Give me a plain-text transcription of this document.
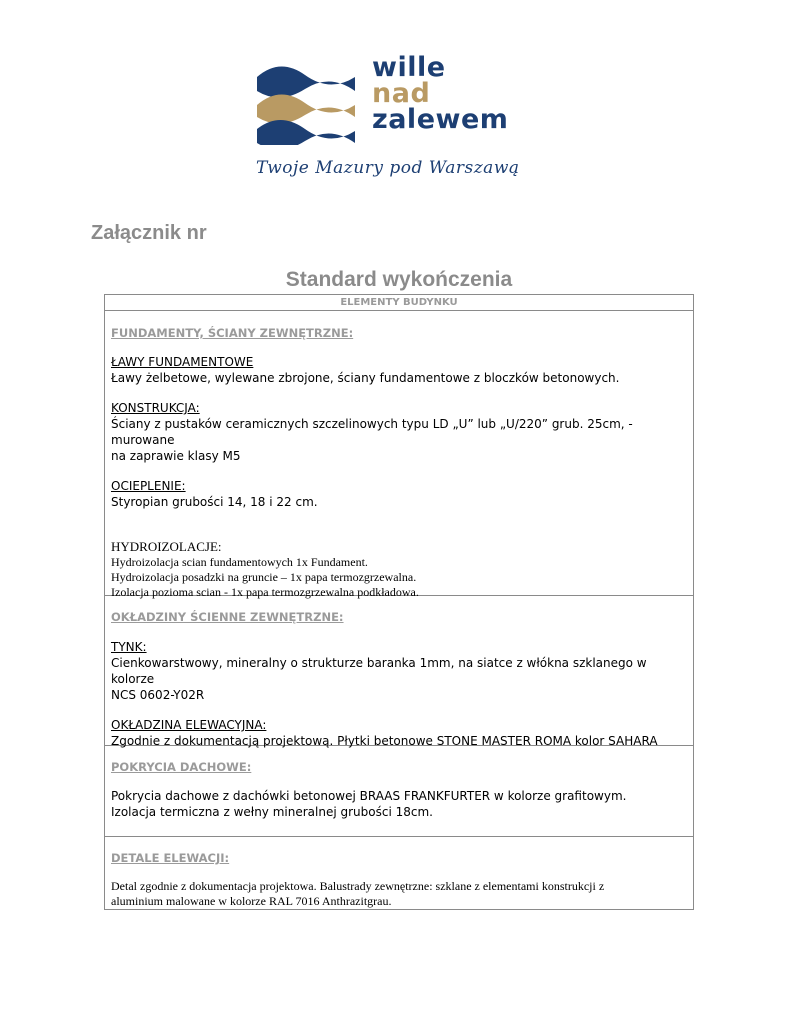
wille
nad
zalewem
Twoje Mazury pod Warszawą
Załącznik nr
Standard wykończenia
ELEMENTY BUDYNKU
FUNDAMENTY, ŚCIANY ZEWNĘTRZNE:
ŁAWY FUNDAMENTOWE
Ławy żelbetowe, wylewane zbrojone, ściany fundamentowe z bloczków betonowych.
KONSTRUKCJA:
Ściany z pustaków ceramicznych szczelinowych typu LD „U” lub „U/220” grub. 25cm, - murowane
na zaprawie klasy M5
OCIEPLENIE:
Styropian grubości 14, 18 i 22 cm.
HYDROIZOLACJE:
Hydroizolacja scian fundamentowych 1x Fundament.
Hydroizolacja posadzki na gruncie – 1x papa termozgrzewalna.
Izolacja pozioma scian - 1x papa termozgrzewalna podkładowa.
OKŁADZINY ŚCIENNE ZEWNĘTRZNE:
TYNK:
Cienkowarstwowy, mineralny o strukturze baranka 1mm, na siatce z włókna szklanego w kolorze
NCS 0602-Y02R
OKŁADZINA ELEWACYJNA:
Zgodnie z dokumentacją projektową. Płytki betonowe STONE MASTER ROMA kolor SAHARA
POKRYCIA DACHOWE:
Pokrycia dachowe z dachówki betonowej BRAAS FRANKFURTER w kolorze grafitowym.
Izolacja termiczna z wełny mineralnej grubości 18cm.
DETALE ELEWACJI:
Detal zgodnie z dokumentacja projektowa. Balustrady zewnętrzne: szklane z elementami konstrukcji z
aluminium malowane w kolorze RAL 7016 Anthrazitgrau.
